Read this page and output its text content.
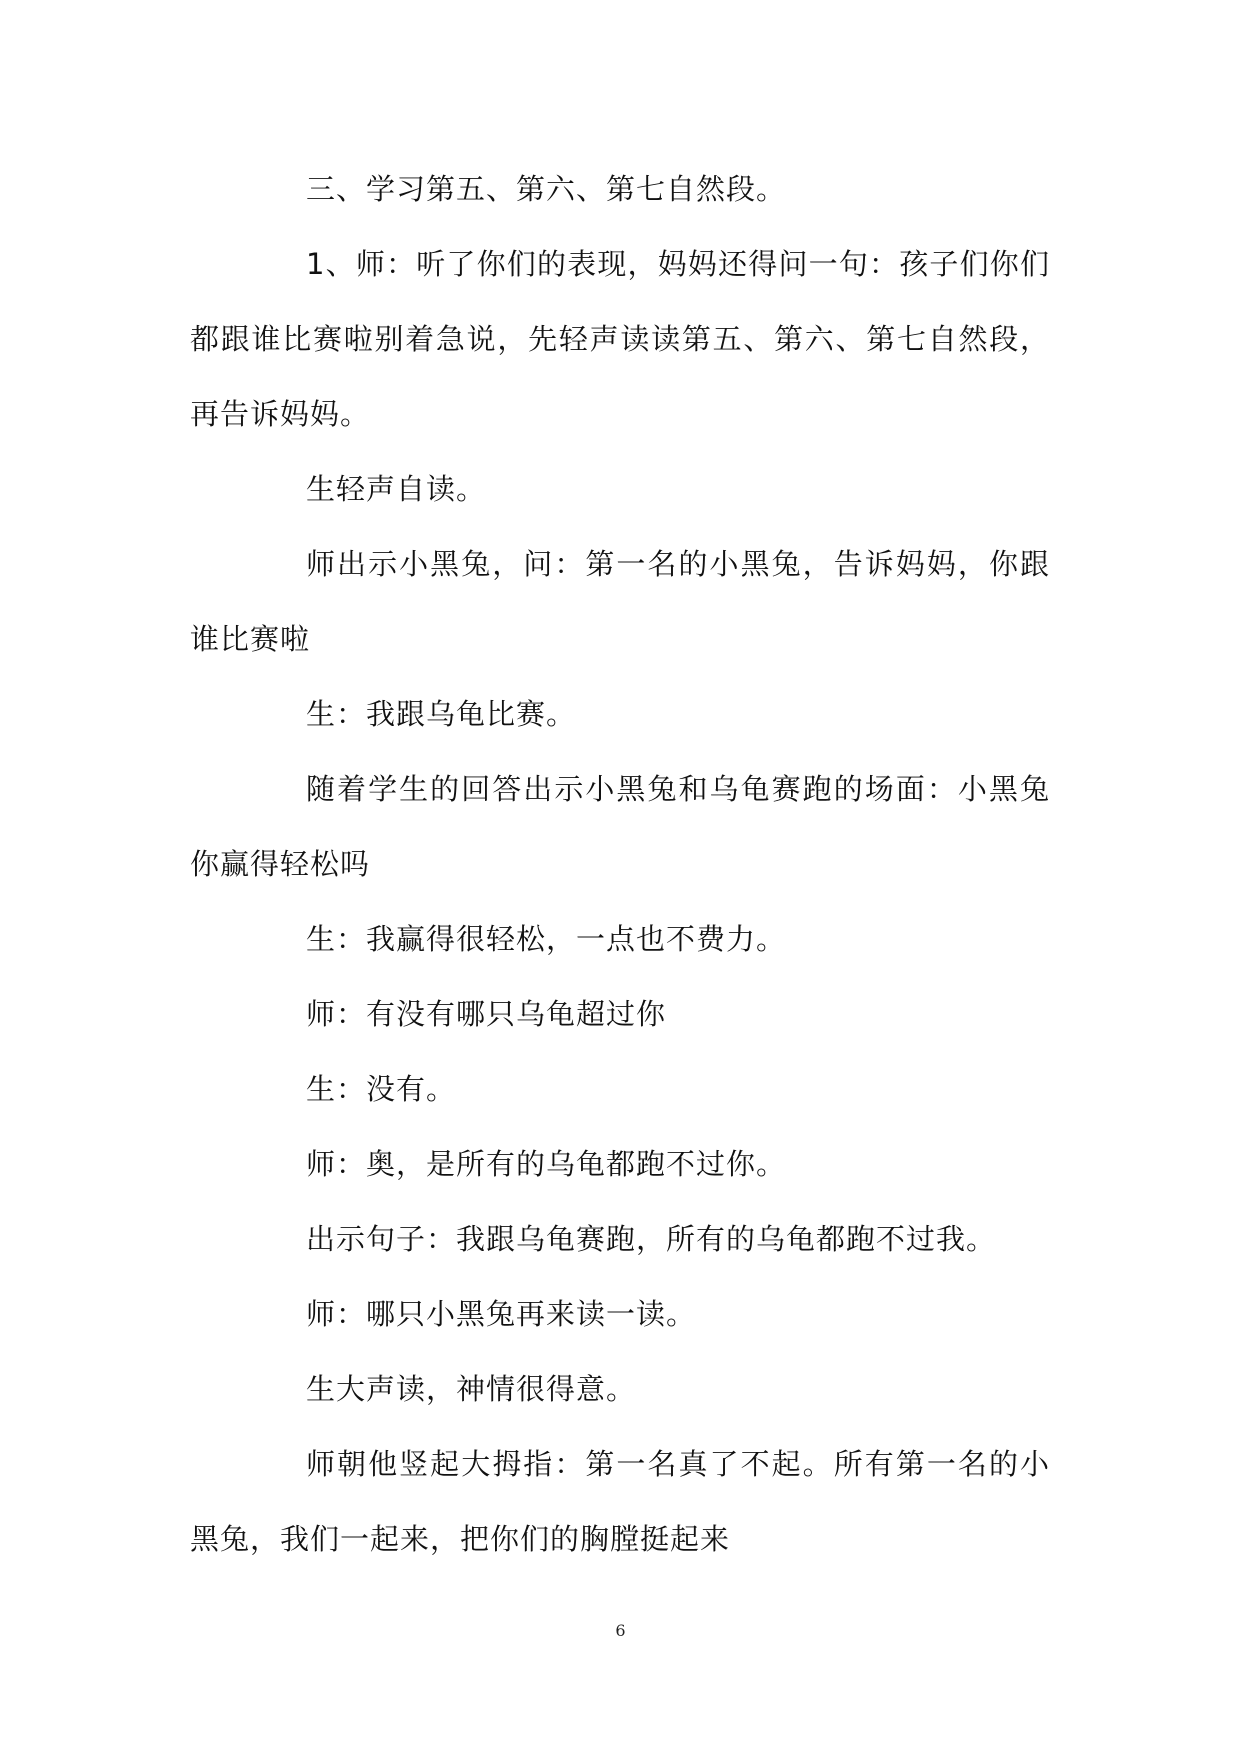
三、学习第五、第六、第七自然段。

1、师：听了你们的表现，妈妈还得问一句：孩子们你们都跟谁比赛啦别着急说，先轻声读读第五、第六、第七自然段，再告诉妈妈。

生轻声自读。

师出示小黑兔，问：第一名的小黑兔，告诉妈妈，你跟谁比赛啦

生：我跟乌龟比赛。

随着学生的回答出示小黑兔和乌龟赛跑的场面：小黑兔你赢得轻松吗

生：我赢得很轻松，一点也不费力。

师：有没有哪只乌龟超过你

生：没有。

师：奥，是所有的乌龟都跑不过你。

出示句子：我跟乌龟赛跑，所有的乌龟都跑不过我。

师：哪只小黑兔再来读一读。

生大声读，神情很得意。

师朝他竖起大拇指：第一名真了不起。所有第一名的小黑兔，我们一起来，把你们的胸膛挺起来

6
